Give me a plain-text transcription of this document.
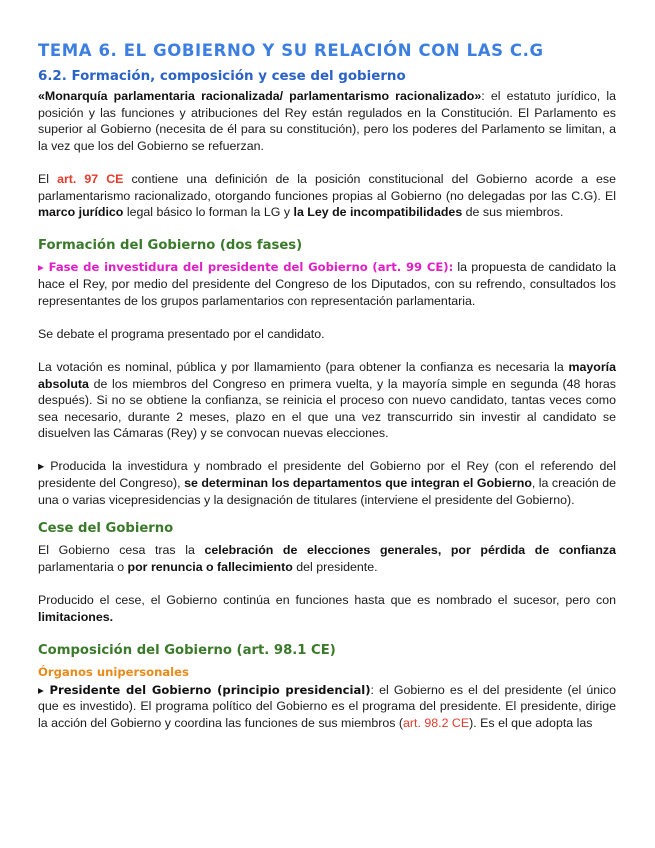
TEMA 6. EL GOBIERNO Y SU RELACIÓN CON LAS C.G
6.2. Formación, composición y cese del gobierno

«Monarquía parlamentaria racionalizada/ parlamentarismo racionalizado»: el estatuto jurídico, la posición y las funciones y atribuciones del Rey están regulados en la Constitución. El Parlamento es superior al Gobierno (necesita de él para su constitución), pero los poderes del Parlamento se limitan, a la vez que los del Gobierno se refuerzan.

El art. 97 CE contiene una definición de la posición constitucional del Gobierno acorde a ese parlamentarismo racionalizado, otorgando funciones propias al Gobierno (no delegadas por las C.G). El marco jurídico legal básico lo forman la LG y la Ley de incompatibilidades de sus miembros.

Formación del Gobierno (dos fases)

▸ Fase de investidura del presidente del Gobierno (art. 99 CE): la propuesta de candidato la hace el Rey, por medio del presidente del Congreso de los Diputados, con su refrendo, consultados los representantes de los grupos parlamentarios con representación parlamentaria.

Se debate el programa presentado por el candidato.

La votación es nominal, pública y por llamamiento (para obtener la confianza es necesaria la mayoría absoluta de los miembros del Congreso en primera vuelta, y la mayoría simple en segunda (48 horas después). Si no se obtiene la confianza, se reinicia el proceso con nuevo candidato, tantas veces como sea necesario, durante 2 meses, plazo en el que una vez transcurrido sin investir al candidato se disuelven las Cámaras (Rey) y se convocan nuevas elecciones.

▸ Producida la investidura y nombrado el presidente del Gobierno por el Rey (con el referendo del presidente del Congreso), se determinan los departamentos que integran el Gobierno, la creación de una o varias vicepresidencias y la designación de titulares (interviene el presidente del Gobierno).

Cese del Gobierno

El Gobierno cesa tras la celebración de elecciones generales, por pérdida de confianza parlamentaria o por renuncia o fallecimiento del presidente.

Producido el cese, el Gobierno continúa en funciones hasta que es nombrado el sucesor, pero con limitaciones.

Composición del Gobierno (art. 98.1 CE)
Órganos unipersonales

▸ Presidente del Gobierno (principio presidencial): el Gobierno es el del presidente (el único que es investido). El programa político del Gobierno es el programa del presidente. El presidente, dirige la acción del Gobierno y coordina las funciones de sus miembros (art. 98.2 CE). Es el que adopta las
